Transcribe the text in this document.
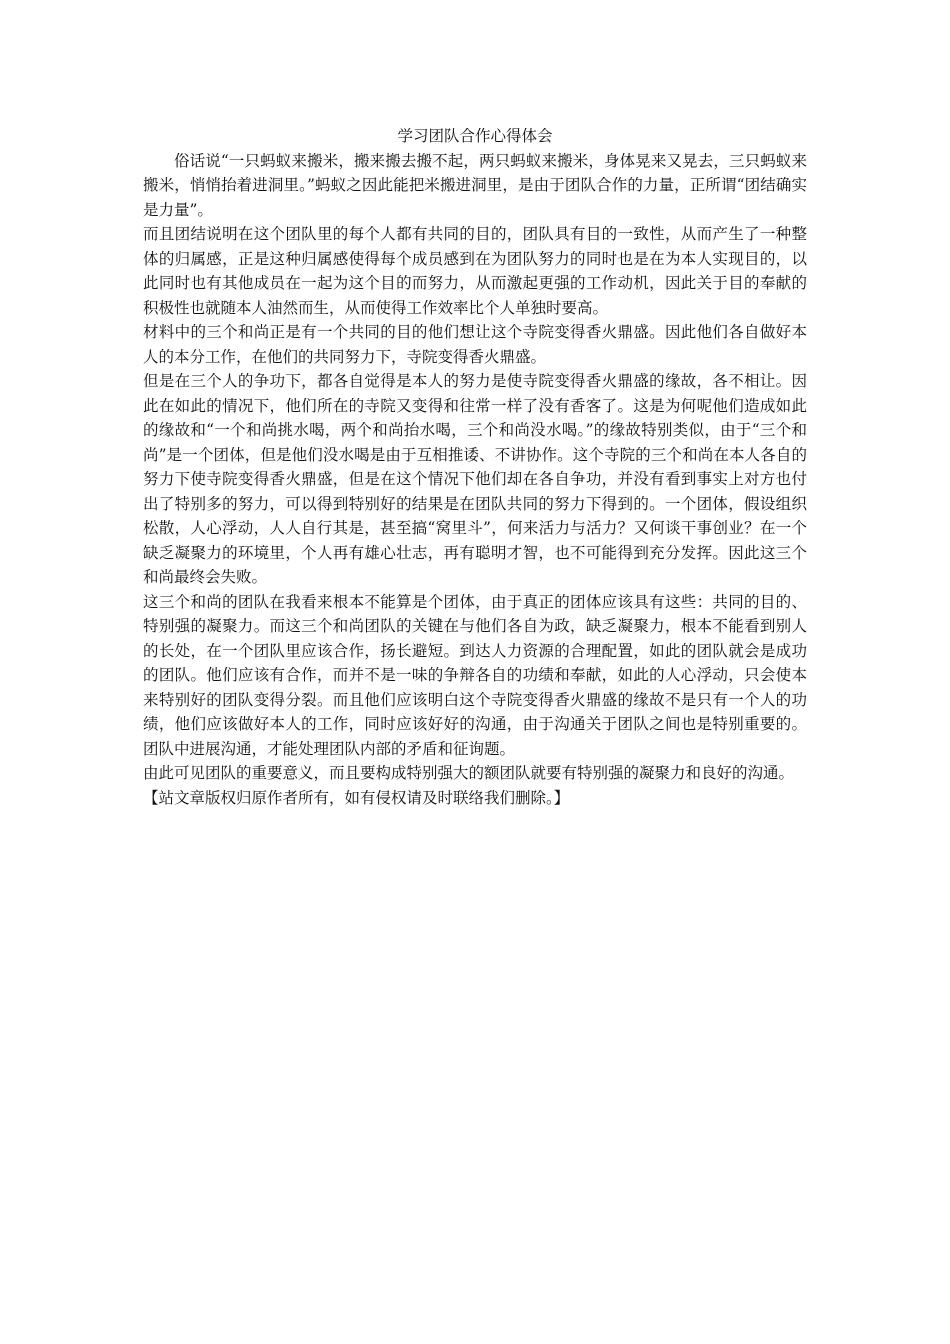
学习团队合作心得体会

俗话说“一只蚂蚁来搬米，搬来搬去搬不起，两只蚂蚁来搬米，身体晃来又晃去，三只蚂蚁来搬米，悄悄抬着进洞里。”蚂蚁之因此能把米搬进洞里，是由于团队合作的力量，正所谓“团结确实是力量”。

而且团结说明在这个团队里的每个人都有共同的目的，团队具有目的一致性，从而产生了一种整体的归属感，正是这种归属感使得每个成员感到在为团队努力的同时也是在为本人实现目的，以此同时也有其他成员在一起为这个目的而努力，从而激起更强的工作动机，因此关于目的奉献的积极性也就随本人油然而生，从而使得工作效率比个人单独时要高。

材料中的三个和尚正是有一个共同的目的他们想让这个寺院变得香火鼎盛。因此他们各自做好本人的本分工作，在他们的共同努力下，寺院变得香火鼎盛。

但是在三个人的争功下，都各自觉得是本人的努力是使寺院变得香火鼎盛的缘故，各不相让。因此在如此的情况下，他们所在的寺院又变得和往常一样了没有香客了。这是为何呢他们造成如此的缘故和“一个和尚挑水喝，两个和尚抬水喝，三个和尚没水喝。”的缘故特别类似，由于“三个和尚”是一个团体，但是他们没水喝是由于互相推诿、不讲协作。这个寺院的三个和尚在本人各自的努力下使寺院变得香火鼎盛，但是在这个情况下他们却在各自争功，并没有看到事实上对方也付出了特别多的努力，可以得到特别好的结果是在团队共同的努力下得到的。一个团体，假设组织松散，人心浮动，人人自行其是，甚至搞“窝里斗”，何来活力与活力？又何谈干事创业？在一个缺乏凝聚力的环境里，个人再有雄心壮志，再有聪明才智，也不可能得到充分发挥。因此这三个和尚最终会失败。

这三个和尚的团队在我看来根本不能算是个团体，由于真正的团体应该具有这些：共同的目的、特别强的凝聚力。而这三个和尚团队的关键在与他们各自为政，缺乏凝聚力，根本不能看到别人的长处，在一个团队里应该合作，扬长避短。到达人力资源的合理配置，如此的团队就会是成功的团队。他们应该有合作，而并不是一味的争辩各自的功绩和奉献，如此的人心浮动，只会使本来特别好的团队变得分裂。而且他们应该明白这个寺院变得香火鼎盛的缘故不是只有一个人的功绩，他们应该做好本人的工作，同时应该好好的沟通，由于沟通关于团队之间也是特别重要的。团队中进展沟通，才能处理团队内部的矛盾和征询题。

由此可见团队的重要意义，而且要构成特别强大的额团队就要有特别强的凝聚力和良好的沟通。

【站文章版权归原作者所有，如有侵权请及时联络我们删除。】
